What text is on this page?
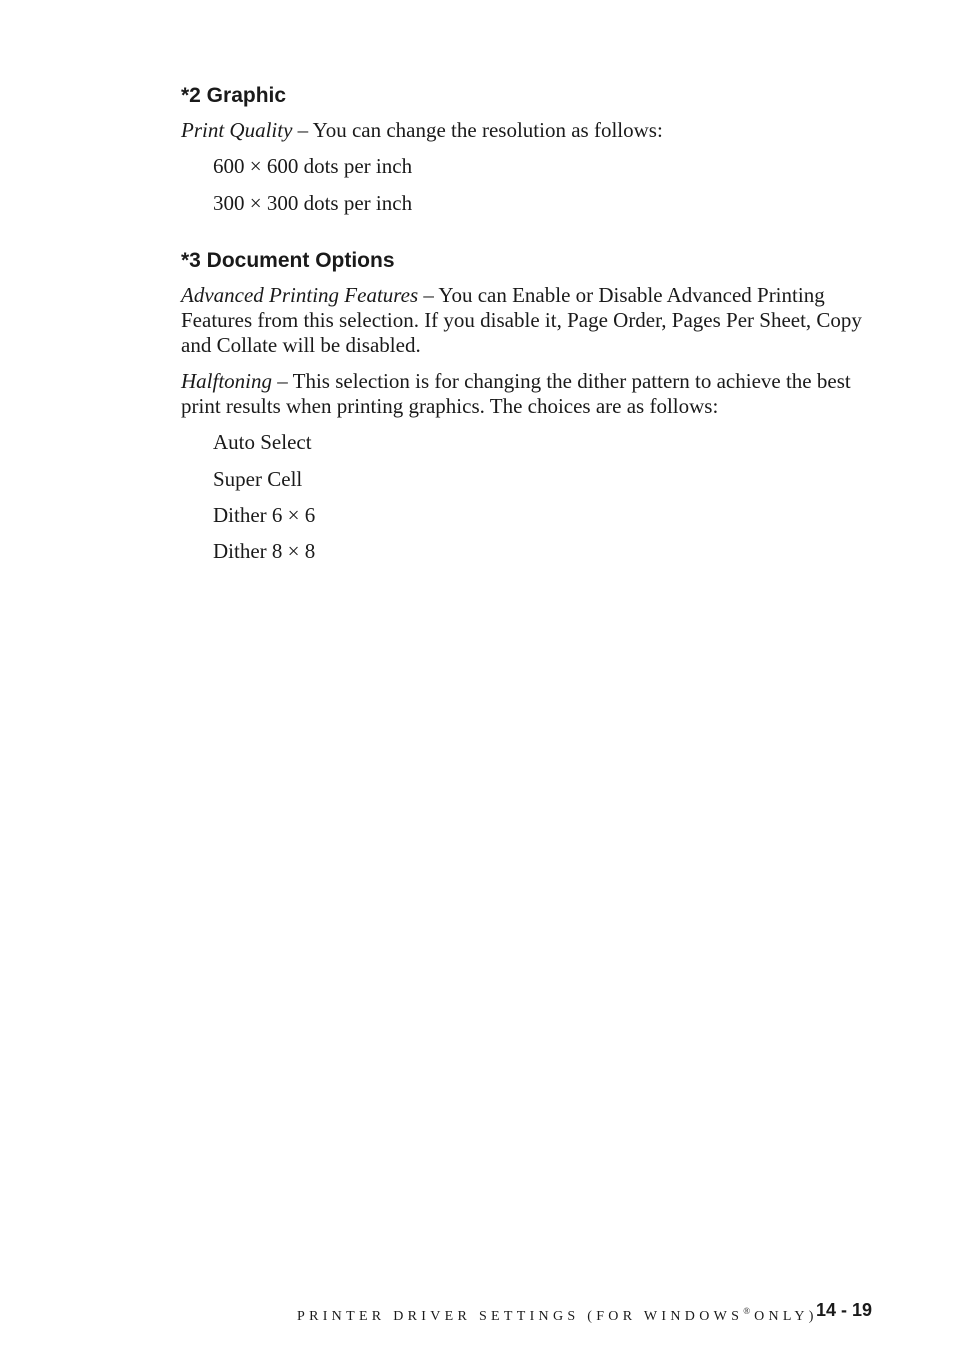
*2 Graphic

Print Quality – You can change the resolution as follows:

600 × 600 dots per inch

300 × 300 dots per inch

*3 Document Options

Advanced Printing Features – You can Enable or Disable Advanced Printing Features from this selection. If you disable it, Page Order, Pages Per Sheet, Copy and Collate will be disabled.

Halftoning – This selection is for changing the dither pattern to achieve the best print results when printing graphics. The choices are as follows:

Auto Select

Super Cell

Dither 6 × 6

Dither 8 × 8

PRINTER DRIVER SETTINGS (FOR WINDOWS® ONLY)
14 - 19
